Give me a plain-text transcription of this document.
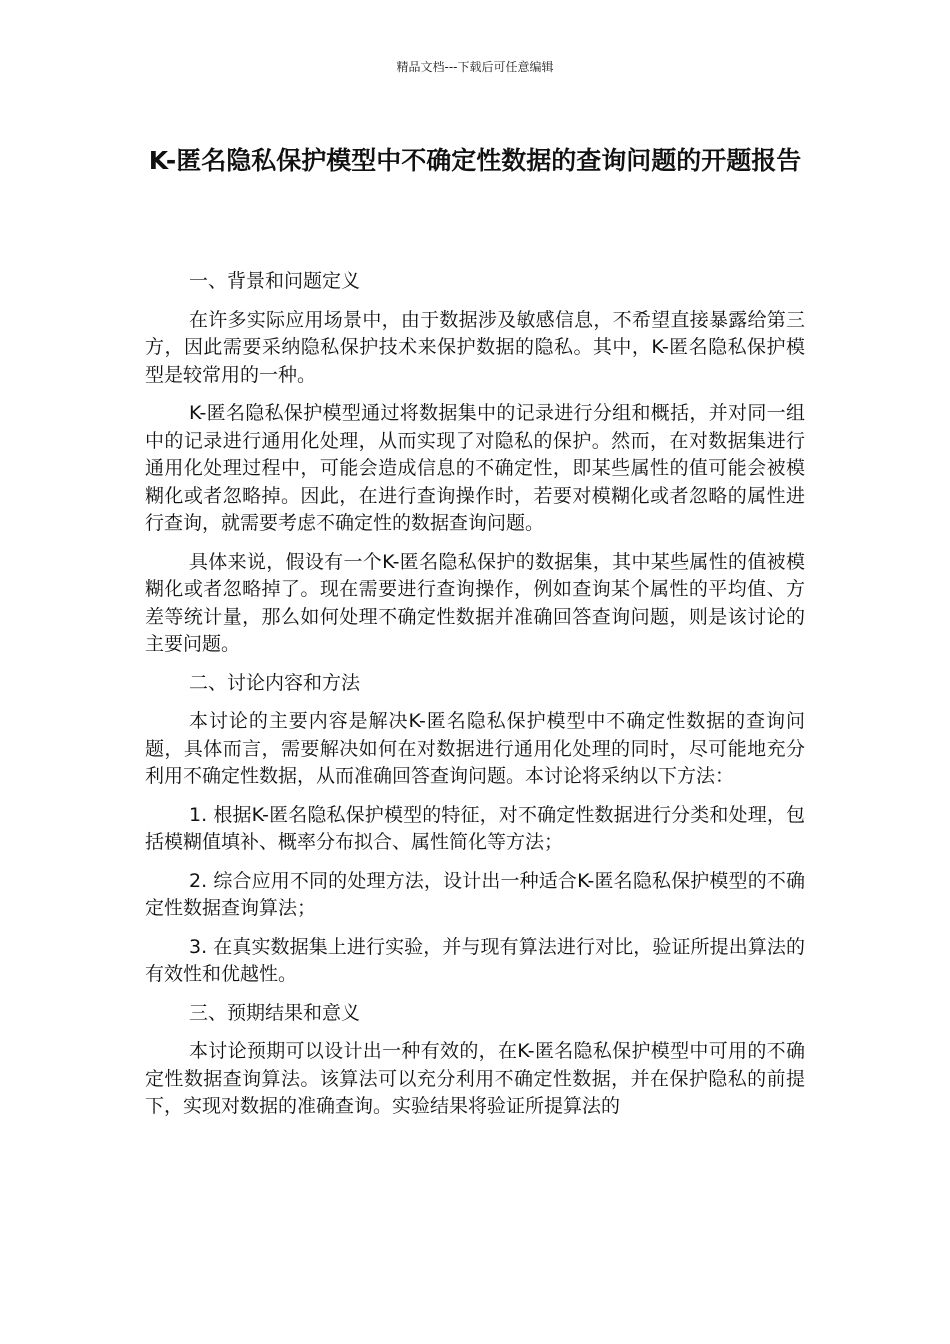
精品文档---下载后可任意编辑
K-匿名隐私保护模型中不确定性数据的查询问题的开题报告

一、背景和问题定义

在许多实际应用场景中，由于数据涉及敏感信息，不希望直接暴露给第三方，因此需要采纳隐私保护技术来保护数据的隐私。其中，K-匿名隐私保护模型是较常用的一种。

K-匿名隐私保护模型通过将数据集中的记录进行分组和概括，并对同一组中的记录进行通用化处理，从而实现了对隐私的保护。然而，在对数据集进行通用化处理过程中，可能会造成信息的不确定性，即某些属性的值可能会被模糊化或者忽略掉。因此，在进行查询操作时，若要对模糊化或者忽略的属性进行查询，就需要考虑不确定性的数据查询问题。

具体来说，假设有一个K-匿名隐私保护的数据集，其中某些属性的值被模糊化或者忽略掉了。现在需要进行查询操作，例如查询某个属性的平均值、方差等统计量，那么如何处理不确定性数据并准确回答查询问题，则是该讨论的主要问题。

二、讨论内容和方法

本讨论的主要内容是解决K-匿名隐私保护模型中不确定性数据的查询问题，具体而言，需要解决如何在对数据进行通用化处理的同时，尽可能地充分利用不确定性数据，从而准确回答查询问题。本讨论将采纳以下方法：

1. 根据K-匿名隐私保护模型的特征，对不确定性数据进行分类和处理，包括模糊值填补、概率分布拟合、属性简化等方法；

2. 综合应用不同的处理方法，设计出一种适合K-匿名隐私保护模型的不确定性数据查询算法；

3. 在真实数据集上进行实验，并与现有算法进行对比，验证所提出算法的有效性和优越性。

三、预期结果和意义

本讨论预期可以设计出一种有效的，在K-匿名隐私保护模型中可用的不确定性数据查询算法。该算法可以充分利用不确定性数据，并在保护隐私的前提下，实现对数据的准确查询。实验结果将验证所提算法的
